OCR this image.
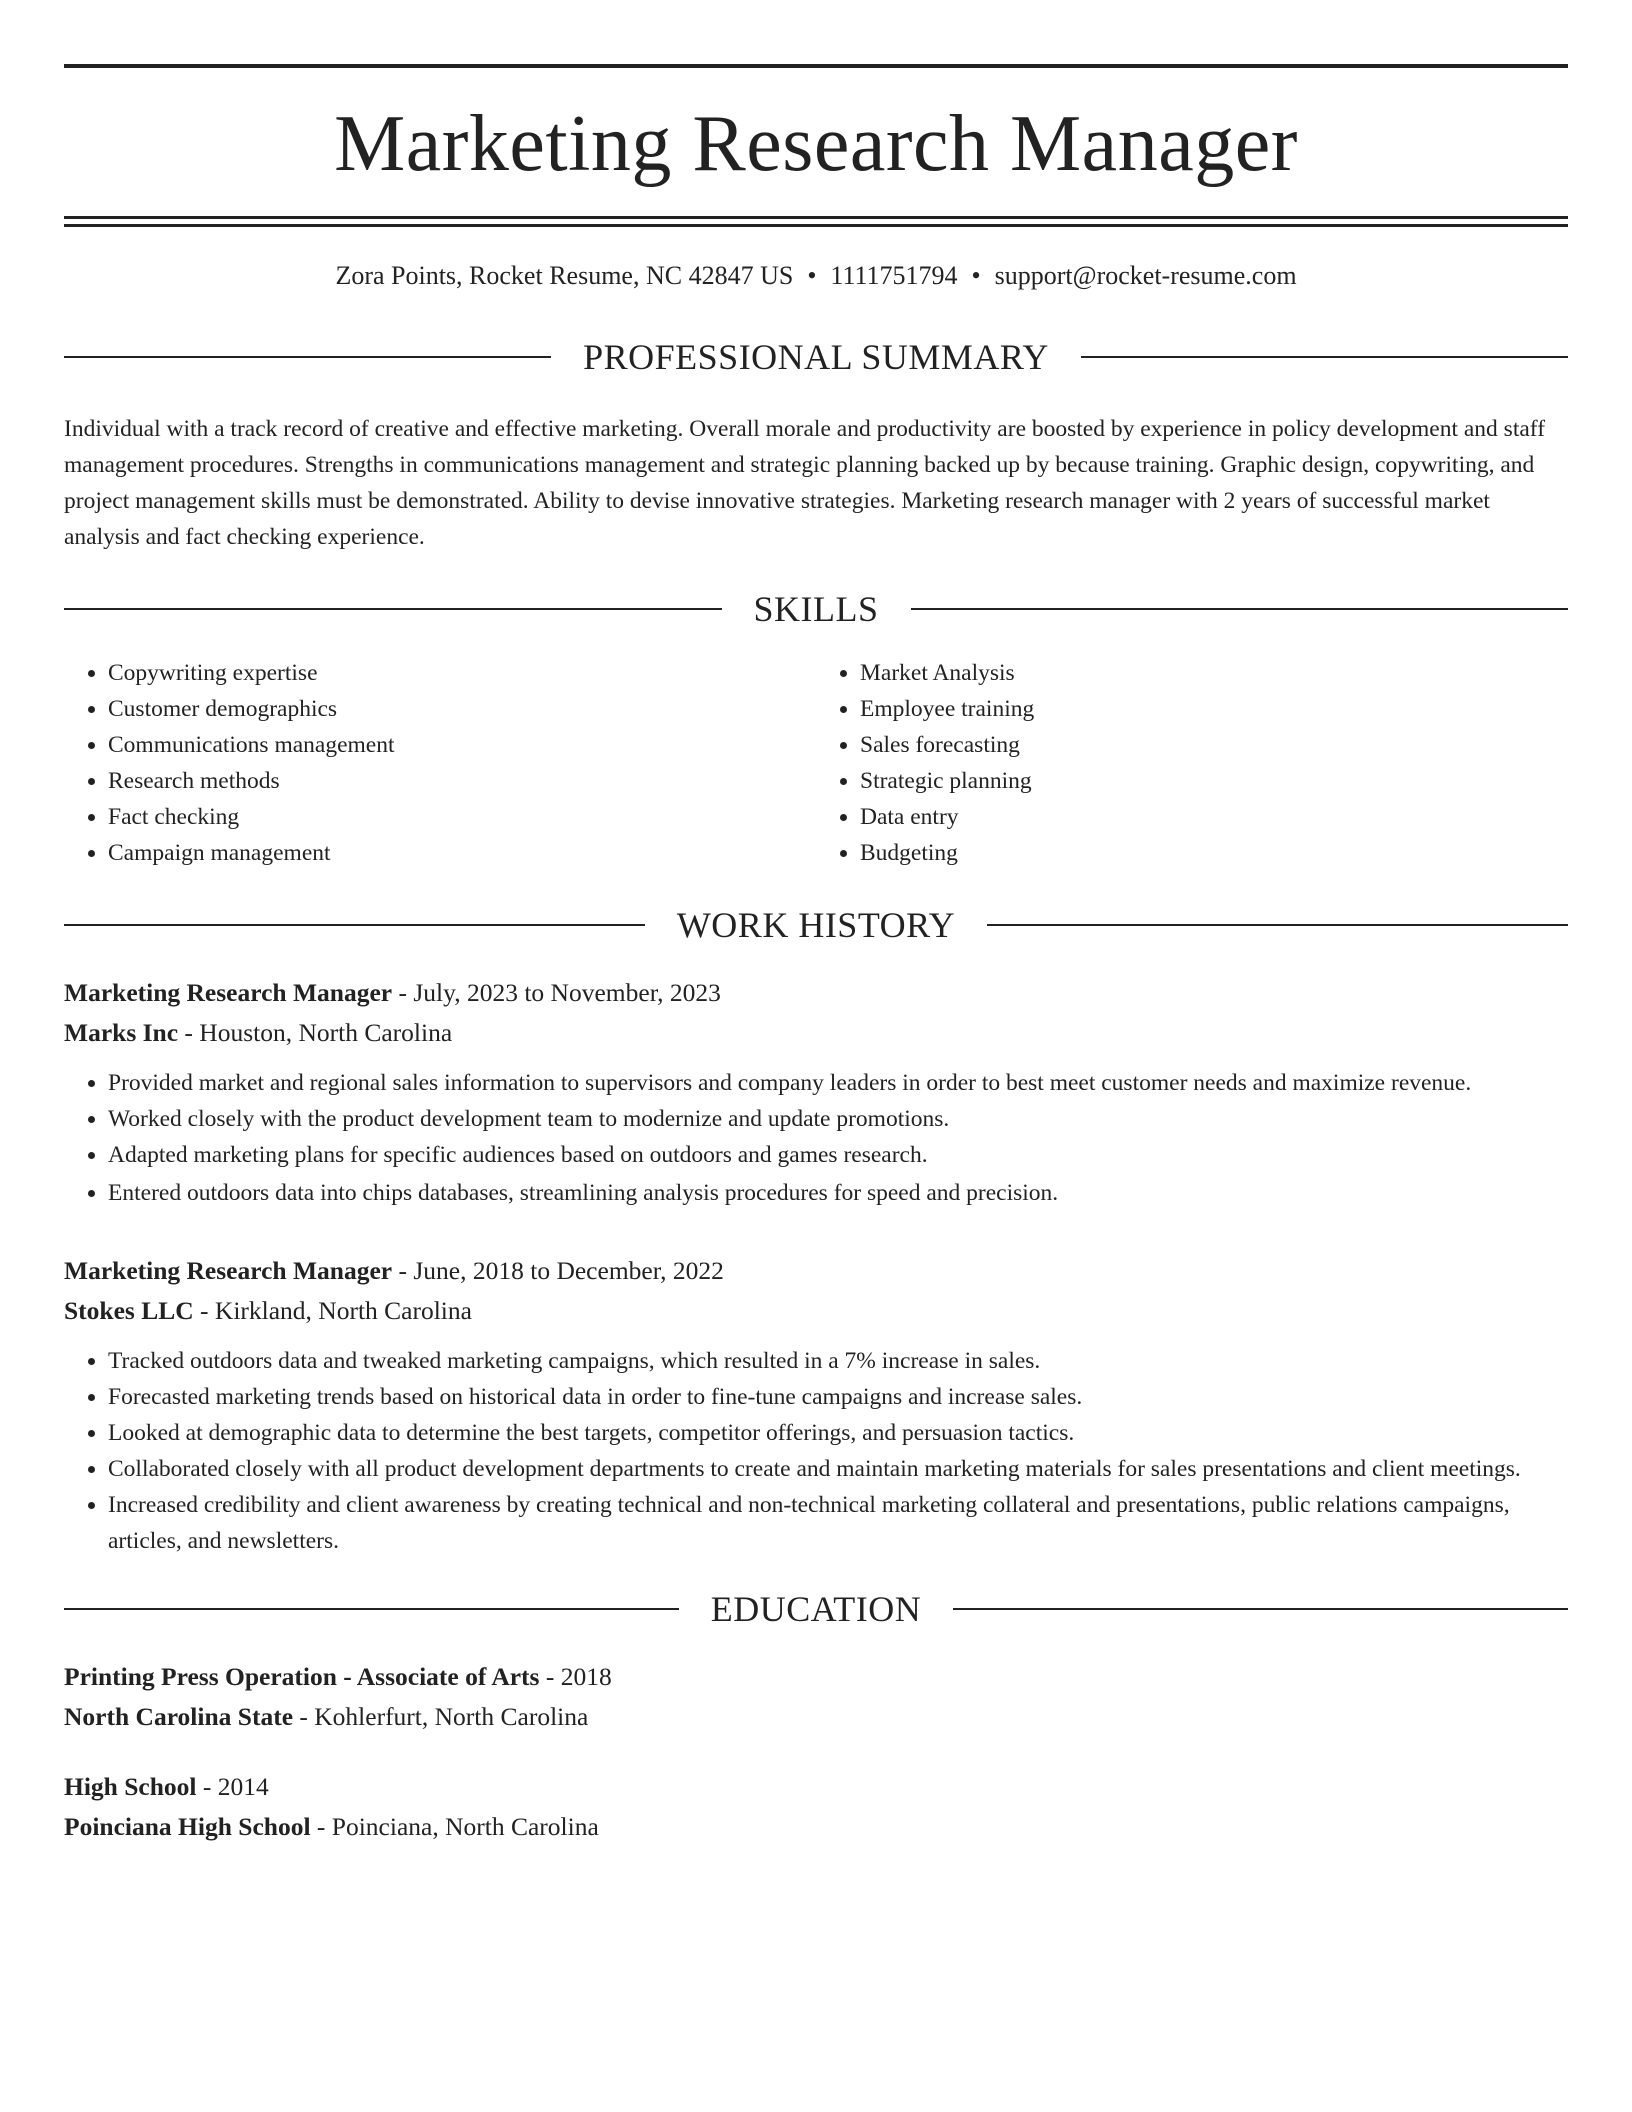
Marketing Research Manager
Zora Points, Rocket Resume, NC 42847 US • 1111751794 • support@rocket-resume.com
PROFESSIONAL SUMMARY
Individual with a track record of creative and effective marketing. Overall morale and productivity are boosted by experience in policy development and staff management procedures. Strengths in communications management and strategic planning backed up by because training. Graphic design, copywriting, and project management skills must be demonstrated. Ability to devise innovative strategies. Marketing research manager with 2 years of successful market analysis and fact checking experience.
SKILLS
• Copywriting expertise
• Customer demographics
• Communications management
• Research methods
• Fact checking
• Campaign management
• Market Analysis
• Employee training
• Sales forecasting
• Strategic planning
• Data entry
• Budgeting
WORK HISTORY
Marketing Research Manager - July, 2023 to November, 2023
Marks Inc - Houston, North Carolina
• Provided market and regional sales information to supervisors and company leaders in order to best meet customer needs and maximize revenue.
• Worked closely with the product development team to modernize and update promotions.
• Adapted marketing plans for specific audiences based on outdoors and games research.
• Entered outdoors data into chips databases, streamlining analysis procedures for speed and precision.
Marketing Research Manager - June, 2018 to December, 2022
Stokes LLC - Kirkland, North Carolina
• Tracked outdoors data and tweaked marketing campaigns, which resulted in a 7% increase in sales.
• Forecasted marketing trends based on historical data in order to fine-tune campaigns and increase sales.
• Looked at demographic data to determine the best targets, competitor offerings, and persuasion tactics.
• Collaborated closely with all product development departments to create and maintain marketing materials for sales presentations and client meetings.
• Increased credibility and client awareness by creating technical and non-technical marketing collateral and presentations, public relations campaigns, articles, and newsletters.
EDUCATION
Printing Press Operation - Associate of Arts - 2018
North Carolina State - Kohlerfurt, North Carolina
High School - 2014
Poinciana High School - Poinciana, North Carolina
